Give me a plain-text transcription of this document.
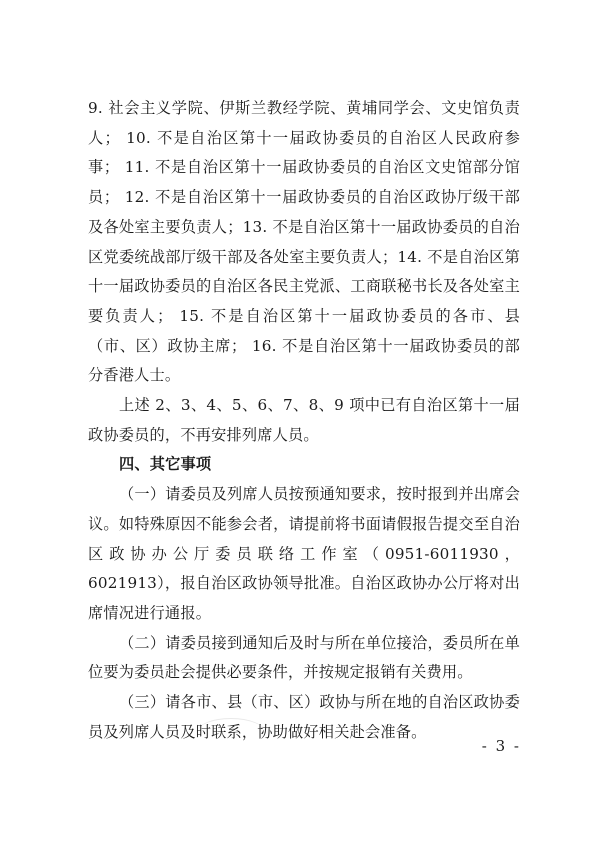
9. 社会主义学院、伊斯兰教经学院、黄埔同学会、文史馆负责人； 10. 不是自治区第十一届政协委员的自治区人民政府参事； 11. 不是自治区第十一届政协委员的自治区文史馆部分馆员； 12. 不是自治区第十一届政协委员的自治区政协厅级干部及各处室主要负责人；13. 不是自治区第十一届政协委员的自治区党委统战部厅级干部及各处室主要负责人；14. 不是自治区第十一届政协委员的自治区各民主党派、工商联秘书长及各处室主要负责人； 15. 不是自治区第十一届政协委员的各市、县（市、区）政协主席； 16. 不是自治区第十一届政协委员的部分香港人士。

上述 2、3、4、5、6、7、8、9 项中已有自治区第十一届政协委员的，不再安排列席人员。

四、其它事项

（一）请委员及列席人员按预通知要求，按时报到并出席会议。如特殊原因不能参会者，请提前将书面请假报告提交至自治区政协办公厅委员联络工作室（0951-6011930，6021913），报自治区政协领导批准。自治区政协办公厅将对出席情况进行通报。

（二）请委员接到通知后及时与所在单位接洽，委员所在单位要为委员赴会提供必要条件，并按规定报销有关费用。

（三）请各市、县（市、区）政协与所在地的自治区政协委员及列席人员及时联系，协助做好相关赴会准备。

- 3 -
